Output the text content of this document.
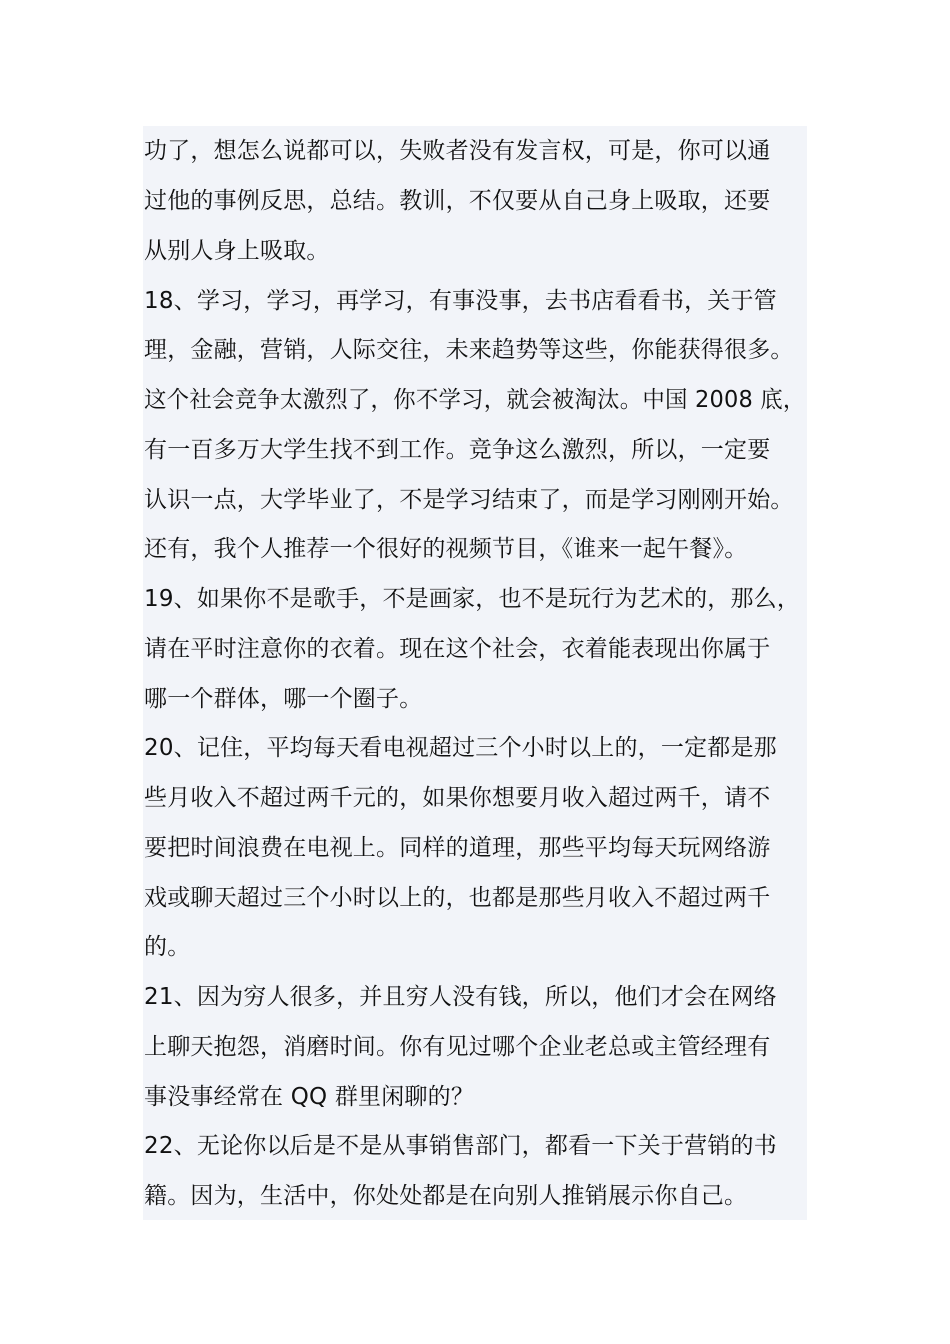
功了，想怎么说都可以，失败者没有发言权，可是，你可以通
过他的事例反思，总结。教训，不仅要从自己身上吸取，还要
从别人身上吸取。
18、学习，学习，再学习，有事没事，去书店看看书，关于管
理，金融，营销，人际交往，未来趋势等这些，你能获得很多。
这个社会竞争太激烈了，你不学习，就会被淘汰。中国 2008 底，
有一百多万大学生找不到工作。竞争这么激烈，所以，一定要
认识一点，大学毕业了，不是学习结束了，而是学习刚刚开始。
还有，我个人推荐一个很好的视频节目，《谁来一起午餐》。
19、如果你不是歌手，不是画家，也不是玩行为艺术的，那么，
请在平时注意你的衣着。现在这个社会，衣着能表现出你属于
哪一个群体，哪一个圈子。
20、记住，平均每天看电视超过三个小时以上的，一定都是那
些月收入不超过两千元的，如果你想要月收入超过两千，请不
要把时间浪费在电视上。同样的道理，那些平均每天玩网络游
戏或聊天超过三个小时以上的，也都是那些月收入不超过两千
的。
21、因为穷人很多，并且穷人没有钱，所以，他们才会在网络
上聊天抱怨，消磨时间。你有见过哪个企业老总或主管经理有
事没事经常在 QQ 群里闲聊的？
22、无论你以后是不是从事销售部门，都看一下关于营销的书
籍。因为，生活中，你处处都是在向别人推销展示你自己。
